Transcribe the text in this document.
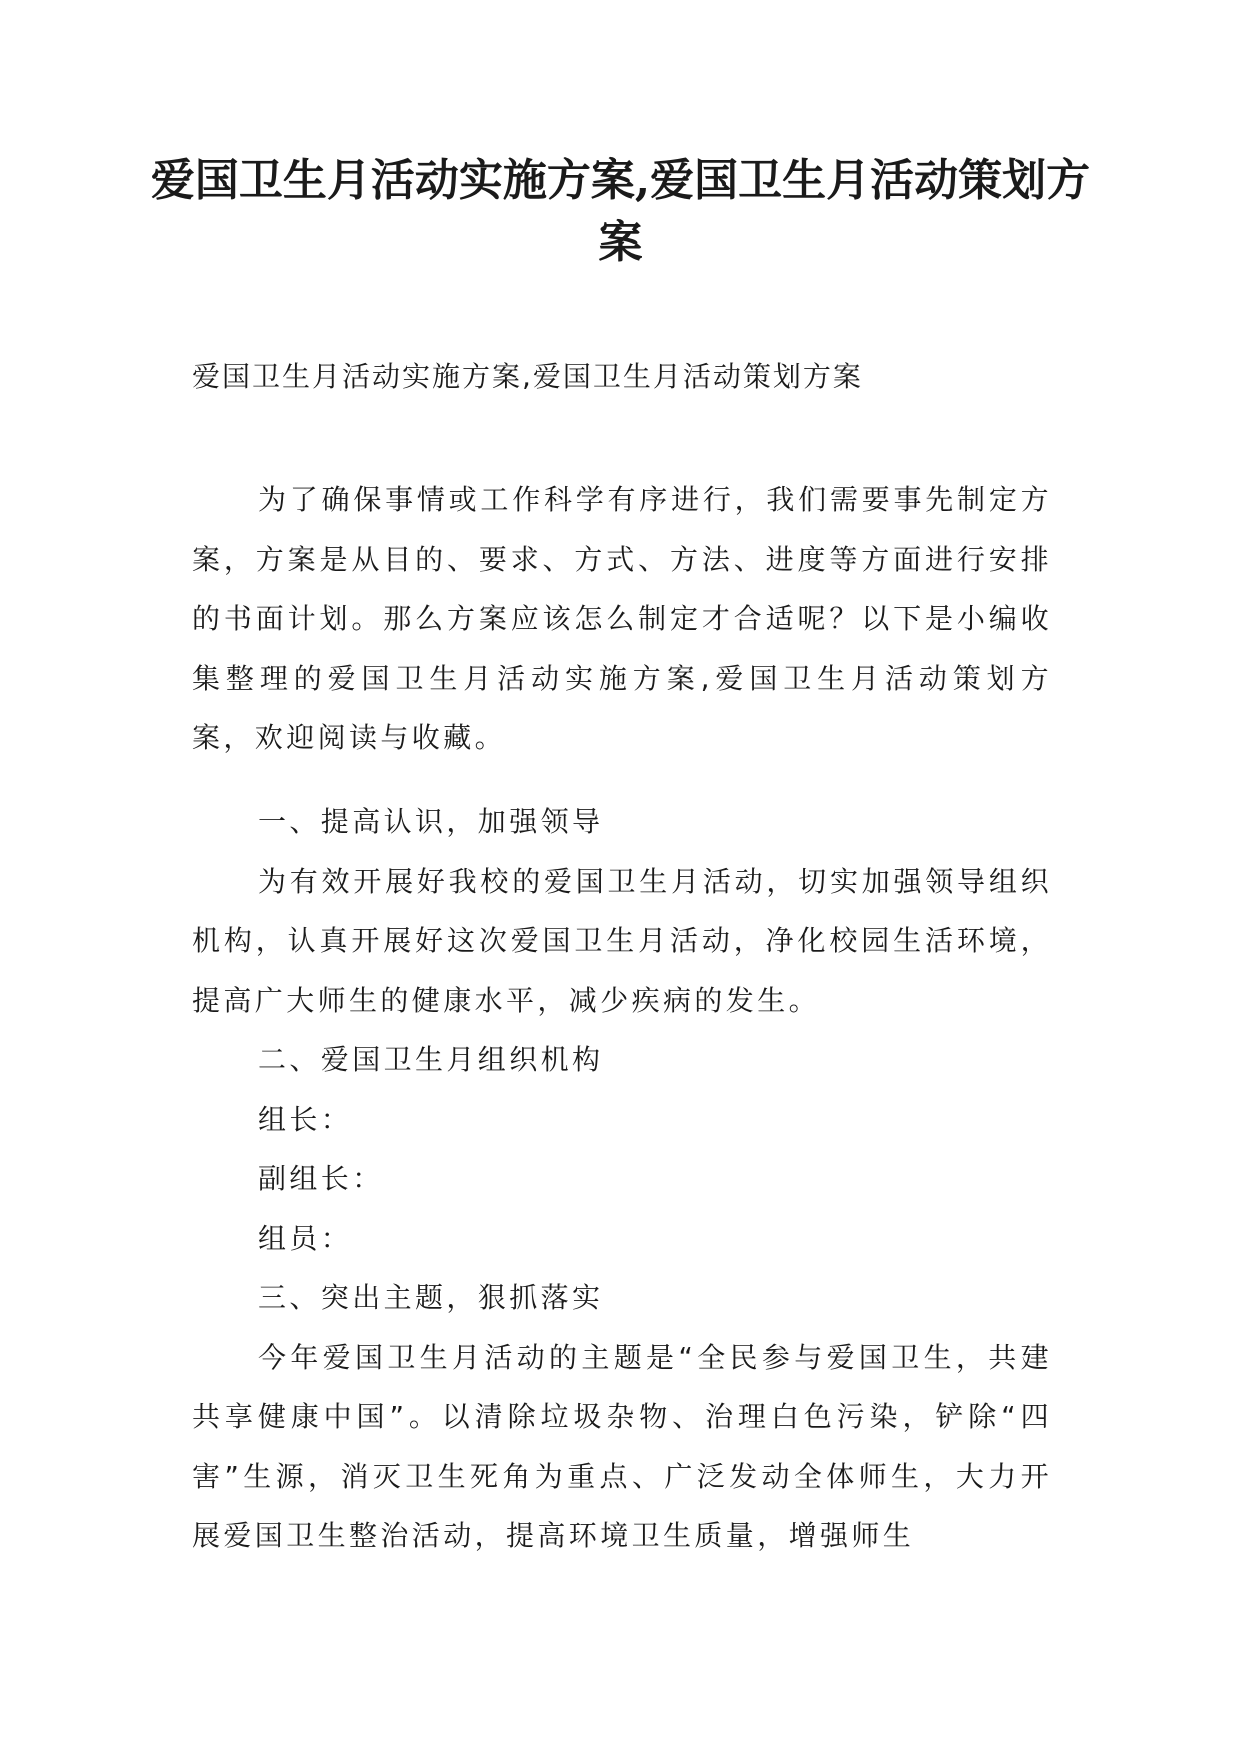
爱国卫生月活动实施方案,爱国卫生月活动策划方案

爱国卫生月活动实施方案,爱国卫生月活动策划方案

为了确保事情或工作科学有序进行，我们需要事先制定方案，方案是从目的、要求、方式、方法、进度等方面进行安排的书面计划。那么方案应该怎么制定才合适呢？以下是小编收集整理的爱国卫生月活动实施方案,爱国卫生月活动策划方案，欢迎阅读与收藏。

一、提高认识，加强领导

为有效开展好我校的爱国卫生月活动，切实加强领导组织机构，认真开展好这次爱国卫生月活动，净化校园生活环境，提高广大师生的健康水平，减少疾病的发生。

二、爱国卫生月组织机构

组长：

副组长：

组员：

三、突出主题，狠抓落实

今年爱国卫生月活动的主题是“全民参与爱国卫生，共建共享健康中国”。以清除垃圾杂物、治理白色污染，铲除“四害”生源，消灭卫生死角为重点、广泛发动全体师生，大力开展爱国卫生整治活动，提高环境卫生质量，增强师生
